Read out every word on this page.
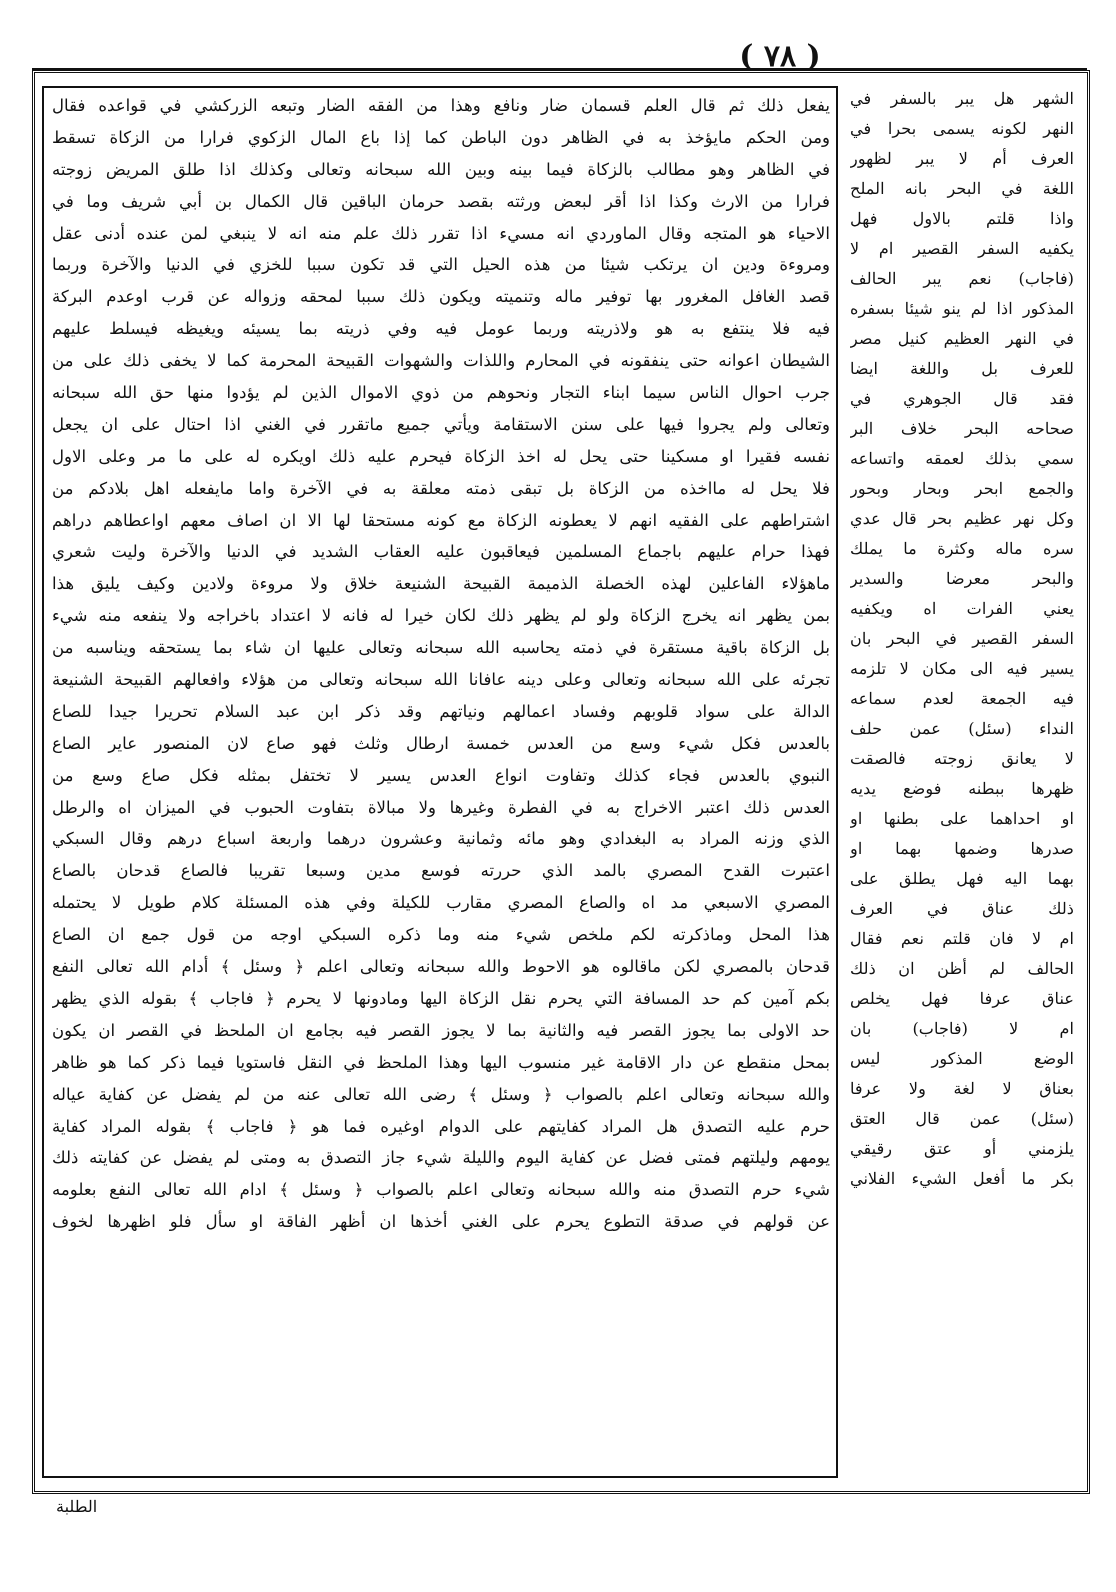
( ٧٨ )
يفعل ذلك ثم قال العلم قسمان ضار ونافع وهذا من الفقه الضار وتبعه الزركشي في قواعده فقال
ومن الحكم مايؤخذ به في الظاهر دون الباطن كما إذا باع المال الزكوي فرارا من الزكاة تسقط
في الظاهر وهو مطالب بالزكاة فيما بينه وبين الله سبحانه وتعالى وكذلك اذا طلق المريض زوجته
فرارا من الارث وكذا اذا أقر لبعض ورثته بقصد حرمان الباقين قال الكمال بن أبي شريف وما في
الاحياء هو المتجه وقال الماوردي انه مسيء اذا تقرر ذلك علم منه انه لا ينبغي لمن عنده أدنى عقل
ومروءة ودين ان يرتكب شيئا من هذه الحيل التي قد تكون سببا للخزي في الدنيا والآخرة وربما
قصد الغافل المغرور بها توفير ماله وتنميته ويكون ذلك سببا لمحقه وزواله عن قرب اوعدم البركة
فيه فلا ينتفع به هو ولاذريته وربما عومل فيه وفي ذريته بما يسيئه ويغيظه فيسلط عليهم
الشيطان اعوانه حتى ينفقونه في المحارم واللذات والشهوات القبيحة المحرمة كما لا يخفى ذلك على من
جرب احوال الناس سيما ابناء التجار ونحوهم من ذوي الاموال الذين لم يؤدوا منها حق الله سبحانه
وتعالى ولم يجروا فيها على سنن الاستقامة ويأتي جميع ماتقرر في الغني اذا احتال على ان يجعل
نفسه فقيرا او مسكينا حتى يحل له اخذ الزكاة فيحرم عليه ذلك اويكره له على ما مر وعلى الاول
فلا يحل له مااخذه من الزكاة بل تبقى ذمته معلقة به في الآخرة واما مايفعله اهل بلادكم من
اشتراطهم على الفقيه انهم لا يعطونه الزكاة مع كونه مستحقا لها الا ان اصاف معهم اواعطاهم دراهم
فهذا حرام عليهم باجماع المسلمين فيعاقبون عليه العقاب الشديد في الدنيا والآخرة وليت شعري
ماهؤلاء الفاعلين لهذه الخصلة الذميمة القبيحة الشنيعة خلاق ولا مروءة ولادين وكيف يليق هذا
بمن يظهر انه يخرج الزكاة ولو لم يظهر ذلك لكان خيرا له فانه لا اعتداد باخراجه ولا ينفعه منه شيء
بل الزكاة باقية مستقرة في ذمته يحاسبه الله سبحانه وتعالى عليها ان شاء بما يستحقه ويناسبه من
تجرئه على الله سبحانه وتعالى وعلى دينه عافانا الله سبحانه وتعالى من هؤلاء وافعالهم القبيحة الشنيعة
الدالة على سواد قلوبهم وفساد اعمالهم ونياتهم وقد ذكر ابن عبد السلام تحريرا جيدا للصاع
بالعدس فكل شيء وسع من العدس خمسة ارطال وثلث فهو صاع لان المنصور عاير الصاع
النبوي بالعدس فجاء كذلك وتفاوت انواع العدس يسير لا تختفل بمثله فكل صاع وسع من
العدس ذلك اعتبر الاخراج به في الفطرة وغيرها ولا مبالاة بتفاوت الحبوب في الميزان اه والرطل
الذي وزنه المراد به البغدادي وهو مائه وثمانية وعشرون درهما واربعة اسباع درهم وقال السبكي
اعتبرت القدح المصري بالمد الذي حررته فوسع مدين وسبعا تقريبا فالصاع قدحان بالصاع
المصري الاسبعي مد اه والصاع المصري مقارب للكيلة وفي هذه المسئلة كلام طويل لا يحتمله
هذا المحل وماذكرته لكم ملخص شيء منه وما ذكره السبكي اوجه من قول جمع ان الصاع
قدحان بالمصري لكن ماقالوه هو الاحوط والله سبحانه وتعالى اعلم ﴿ وسئل ﴾ أدام الله تعالى النفع
بكم آمين كم حد المسافة التي يحرم نقل الزكاة اليها ومادونها لا يحرم ﴿ فاجاب ﴾ بقوله الذي يظهر
حد الاولى بما يجوز القصر فيه والثانية بما لا يجوز القصر فيه بجامع ان الملحظ في القصر ان يكون
بمحل منقطع عن دار الاقامة غير منسوب اليها وهذا الملحظ في النقل فاستويا فيما ذكر كما هو ظاهر
والله سبحانه وتعالى اعلم بالصواب ﴿ وسئل ﴾ رضى الله تعالى عنه من لم يفضل عن كفاية عياله
حرم عليه التصدق هل المراد كفايتهم على الدوام اوغيره فما هو ﴿ فاجاب ﴾ بقوله المراد كفاية
يومهم وليلتهم فمتى فضل عن كفاية اليوم والليلة شيء جاز التصدق به ومتى لم يفضل عن كفايته ذلك
شيء حرم التصدق منه والله سبحانه وتعالى اعلم بالصواب ﴿ وسئل ﴾ ادام الله تعالى النفع بعلومه
عن قولهم في صدقة التطوع يحرم على الغني أخذها ان أظهر الفاقة او سأل فلو اظهرها لخوف
الشهر هل يبر بالسفر في
النهر لكونه يسمى بحرا في
العرف أم لا يبر لظهور
اللغة في البحر بانه الملح
واذا قلتم بالاول فهل
يكفيه السفر القصير ام لا
(فاجاب) نعم يبر الحالف
المذكور اذا لم ينو شيئا بسفره
في النهر العظيم كنيل مصر
للعرف بل واللغة ايضا
فقد قال الجوهري في
صحاحه البحر خلاف البر
سمي بذلك لعمقه واتساعه
والجمع ابحر وبحار وبحور
وكل نهر عظيم بحر قال عدي
سره ماله وكثرة ما يملك
والبحر معرضا والسدير
يعني الفرات اه ويكفيه
السفر القصير في البحر بان
يسير فيه الى مكان لا تلزمه
فيه الجمعة لعدم سماعه
النداء (سئل) عمن حلف
لا يعانق زوجته فالصقت
ظهرها ببطنه فوضع يديه
او احداهما على بطنها او
صدرها وضمها بهما او
بهما اليه فهل يطلق على
ذلك عناق في العرف
ام لا فان قلتم نعم فقال
الحالف لم أظن ان ذلك
عناق عرفا فهل يخلص
ام لا (فاجاب) بان
الوضع المذكور ليس
بعناق لا لغة ولا عرفا
(سئل) عمن قال العتق
يلزمني أو عتق رقيقي
بكر ما أفعل الشيء الفلاني
الطلبة
